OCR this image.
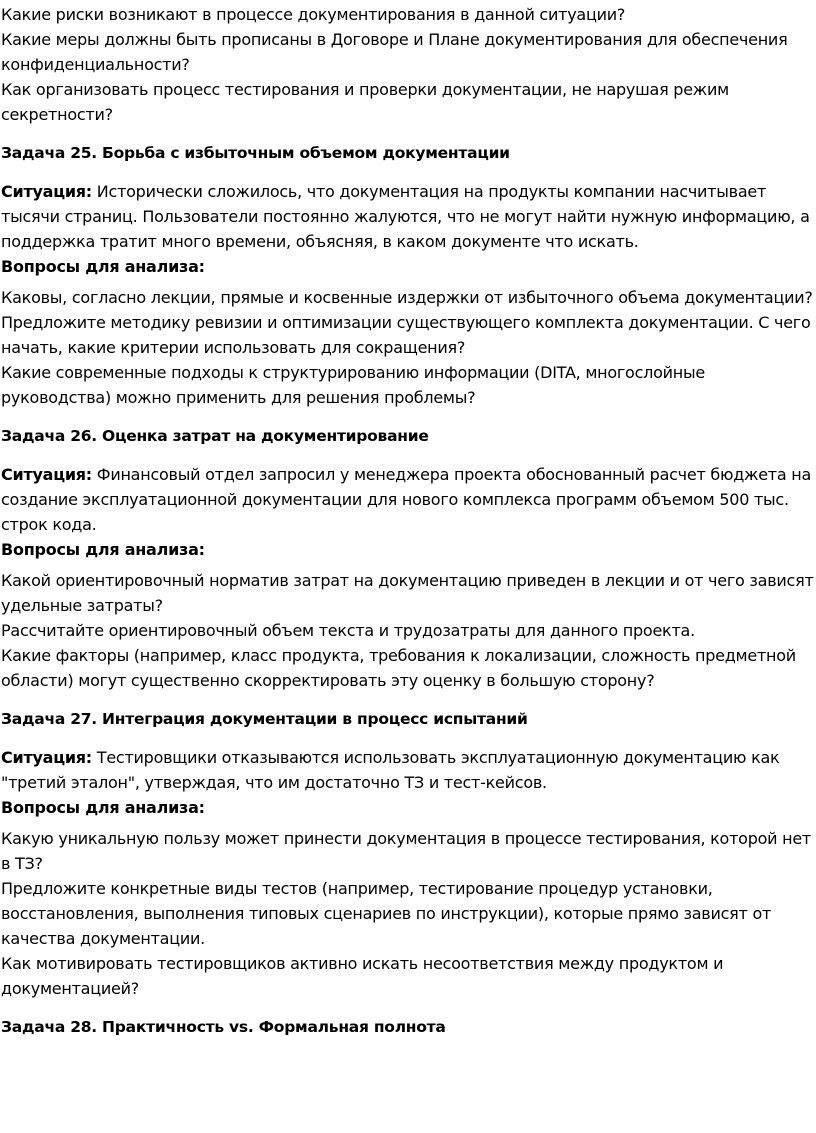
Какие риски возникают в процессе документирования в данной ситуации?

Какие меры должны быть прописаны в Договоре и Плане документирования для обеспечения конфиденциальности?

Как организовать процесс тестирования и проверки документации, не нарушая режим секретности?

Задача 25. Борьба с избыточным объемом документации

Ситуация: Исторически сложилось, что документация на продукты компании насчитывает тысячи страниц. Пользователи постоянно жалуются, что не могут найти нужную информацию, а поддержка тратит много времени, объясняя, в каком документе что искать.

Вопросы для анализа:

Каковы, согласно лекции, прямые и косвенные издержки от избыточного объема документации?

Предложите методику ревизии и оптимизации существующего комплекта документации. С чего начать, какие критерии использовать для сокращения?

Какие современные подходы к структурированию информации (DITA, многослойные руководства) можно применить для решения проблемы?

Задача 26. Оценка затрат на документирование

Ситуация: Финансовый отдел запросил у менеджера проекта обоснованный расчет бюджета на создание эксплуатационной документации для нового комплекса программ объемом 500 тыс. строк кода.

Вопросы для анализа:

Какой ориентировочный норматив затрат на документацию приведен в лекции и от чего зависят удельные затраты?

Рассчитайте ориентировочный объем текста и трудозатраты для данного проекта.

Какие факторы (например, класс продукта, требования к локализации, сложность предметной области) могут существенно скорректировать эту оценку в большую сторону?

Задача 27. Интеграция документации в процесс испытаний

Ситуация: Тестировщики отказываются использовать эксплуатационную документацию как "третий эталон", утверждая, что им достаточно ТЗ и тест-кейсов.

Вопросы для анализа:

Какую уникальную пользу может принести документация в процессе тестирования, которой нет в ТЗ?

Предложите конкретные виды тестов (например, тестирование процедур установки, восстановления, выполнения типовых сценариев по инструкции), которые прямо зависят от качества документации.

Как мотивировать тестировщиков активно искать несоответствия между продуктом и документацией?

Задача 28. Практичность vs. Формальная полнота
